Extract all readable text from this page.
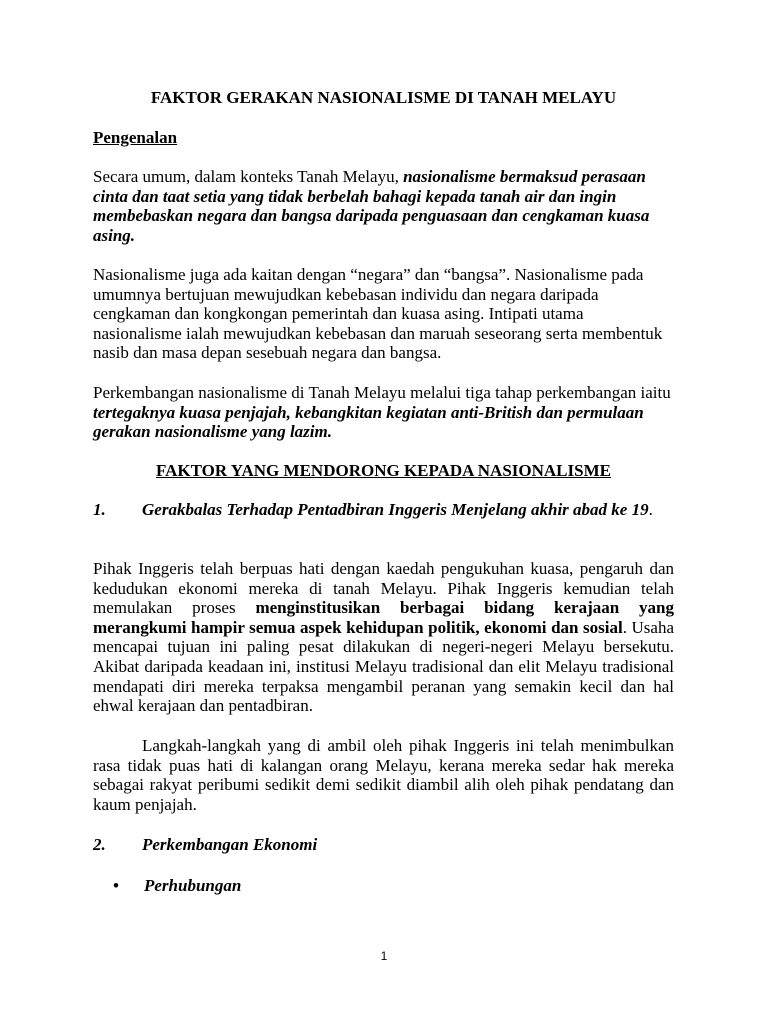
FAKTOR GERAKAN NASIONALISME DI TANAH MELAYU
Pengenalan

Secara umum, dalam konteks Tanah Melayu, nasionalisme bermaksud perasaan cinta dan taat setia yang tidak berbelah bahagi kepada tanah air dan ingin membebaskan negara dan bangsa daripada penguasaan dan cengkaman kuasa asing.

Nasionalisme juga ada kaitan dengan “negara” dan “bangsa”. Nasionalisme pada umumnya bertujuan mewujudkan kebebasan individu dan negara daripada cengkaman dan kongkongan pemerintah dan kuasa asing. Intipati utama nasionalisme ialah mewujudkan kebebasan dan maruah seseorang serta membentuk nasib dan masa depan sesebuah negara dan bangsa.

Perkembangan nasionalisme di Tanah Melayu melalui tiga tahap perkembangan iaitu tertegaknya kuasa penjajah, kebangkitan kegiatan anti-British dan permulaan gerakan nasionalisme yang lazim.

FAKTOR YANG MENDORONG KEPADA NASIONALISME
1. Gerakbalas Terhadap Pentadbiran Inggeris Menjelang akhir abad ke 19.

Pihak Inggeris telah berpuas hati dengan kaedah pengukuhan kuasa, pengaruh dan kedudukan ekonomi mereka di tanah Melayu. Pihak Inggeris kemudian telah memulakan proses menginstitusikan berbagai bidang kerajaan yang merangkumi hampir semua aspek kehidupan politik, ekonomi dan sosial. Usaha mencapai tujuan ini paling pesat dilakukan di negeri-negeri Melayu bersekutu. Akibat daripada keadaan ini, institusi Melayu tradisional dan elit Melayu tradisional mendapati diri mereka terpaksa mengambil peranan yang semakin kecil dan hal ehwal kerajaan dan pentadbiran.

Langkah-langkah yang di ambil oleh pihak Inggeris ini telah menimbulkan rasa tidak puas hati di kalangan orang Melayu, kerana mereka sedar hak mereka sebagai rakyat peribumi sedikit demi sedikit diambil alih oleh pihak pendatang dan kaum penjajah.

2. Perkembangan Ekonomi
• Perhubungan
1
